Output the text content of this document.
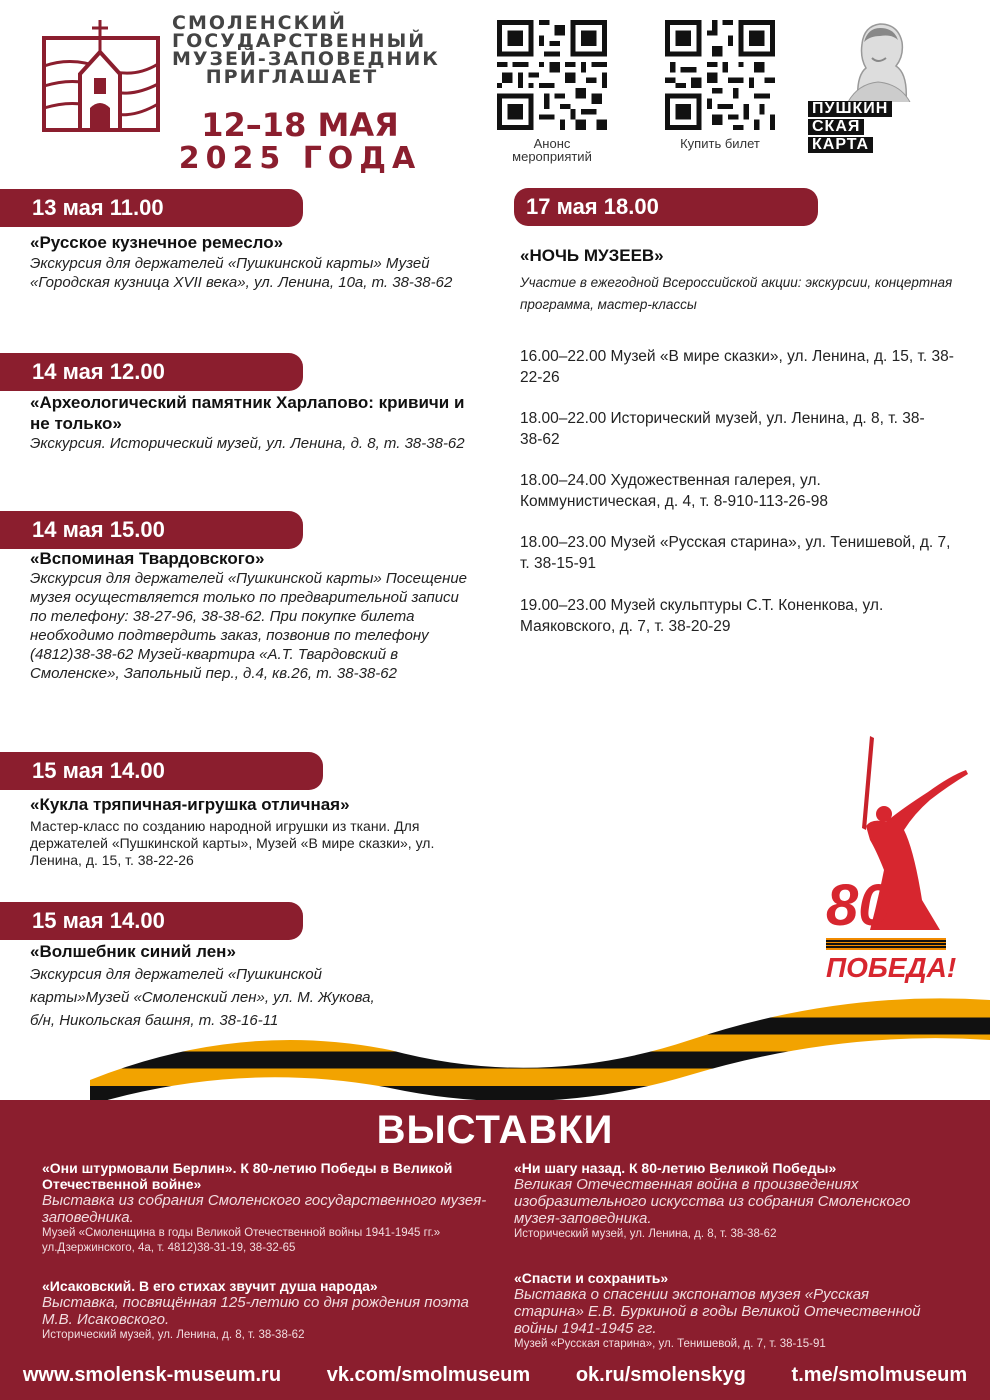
СМОЛЕНСКИЙ
ГОСУДАРСТВЕННЫЙ
МУЗЕЙ-ЗАПОВЕДНИК
ПРИГЛАШАЕТ
12–18 МАЯ
2025 ГОДА	Анонс мероприятий
Купить билет
ПУШКИН
СКАЯ
КАРТА
13 мая 11.00
«Русское кузнечное ремесло»
Экскурсия для держателей «Пушкинской карты» Музей «Городская кузница XVII века», ул. Ленина, 10а, т. 38-38-62
14 мая 12.00
«Археологический памятник Харлапово: кривичи и не только»
Экскурсия. Исторический музей, ул. Ленина, д. 8, т. 38-38-62
14 мая 15.00
«Вспоминая Твардовского»
Экскурсия для держателей «Пушкинской карты» Посещение музея осуществляется только по предварительной записи по телефону: 38-27-96, 38-38-62. При покупке билета необходимо подтвердить заказ, позвонив по телефону (4812)38-38-62 Музей-квартира «А.Т. Твардовский в Смоленске», Запольный пер., д.4, кв.26, т. 38-38-62
15 мая 14.00
«Кукла тряпичная-игрушка отличная»
Мастер-класс по созданию народной игрушки из ткани. Для держателей «Пушкинской карты», Музей «В мире сказки», ул. Ленина, д. 15, т. 38-22-26
15 мая 14.00
«Волшебник синий лен»
Экскурсия для держателей «Пушкинской карты»Музей «Смоленский лен», ул. М. Жукова, б/н, Никольская башня, т. 38-16-11
17 мая 18.00
«НОЧЬ МУЗЕЕВ»
Участие в ежегодной Всероссийской акции: экскурсии, концертная программа, мастер-классы
16.00–22.00 Музей «В мире сказки», ул. Ленина, д. 15, т. 38-22-26
18.00–22.00 Исторический музей, ул. Ленина, д. 8, т. 38-38-62
18.00–24.00 Художественная галерея, ул. Коммунистическая, д. 4, т. 8-910-113-26-98
18.00–23.00 Музей «Русская старина», ул. Тенишевой, д. 7, т. 38-15-91
19.00–23.00 Музей скульптуры С.Т. Коненкова, ул. Маяковского, д. 7, т. 38-20-29
80
ПОБЕДА!
ВЫСТАВКИ
«Они штурмовали Берлин». К 80-летию Победы в Великой Отечественной войне»
Выставка из собрания Смоленского государственного музея-заповедника.
Музей «Смоленщина в годы Великой Отечественной войны 1941-1945 гг.» ул.Дзержинского, 4а, т. 4812)38-31-19, 38-32-65
«Исаковский. В его стихах звучит душа народа»
Выставка, посвящённая 125-летию со дня рождения поэта М.В. Исаковского.
Исторический музей, ул. Ленина, д. 8, т. 38-38-62
«Ни шагу назад. К 80-летию Великой Победы»
Великая Отечественная война в произведениях изобразительного искусства из собрания Смоленского музея-заповедника.
Исторический музей, ул. Ленина, д. 8, т. 38-38-62
«Спасти и сохранить»
Выставка о спасении экспонатов музея «Русская старина» Е.В. Буркиной в годы Великой Отечественной войны 1941-1945 гг.
Музей «Русская старина», ул. Тенишевой, д. 7, т. 38-15-91
www.smolensk-museum.ru vk.com/smolmuseum ok.ru/smolenskyg t.me/smolmuseum
